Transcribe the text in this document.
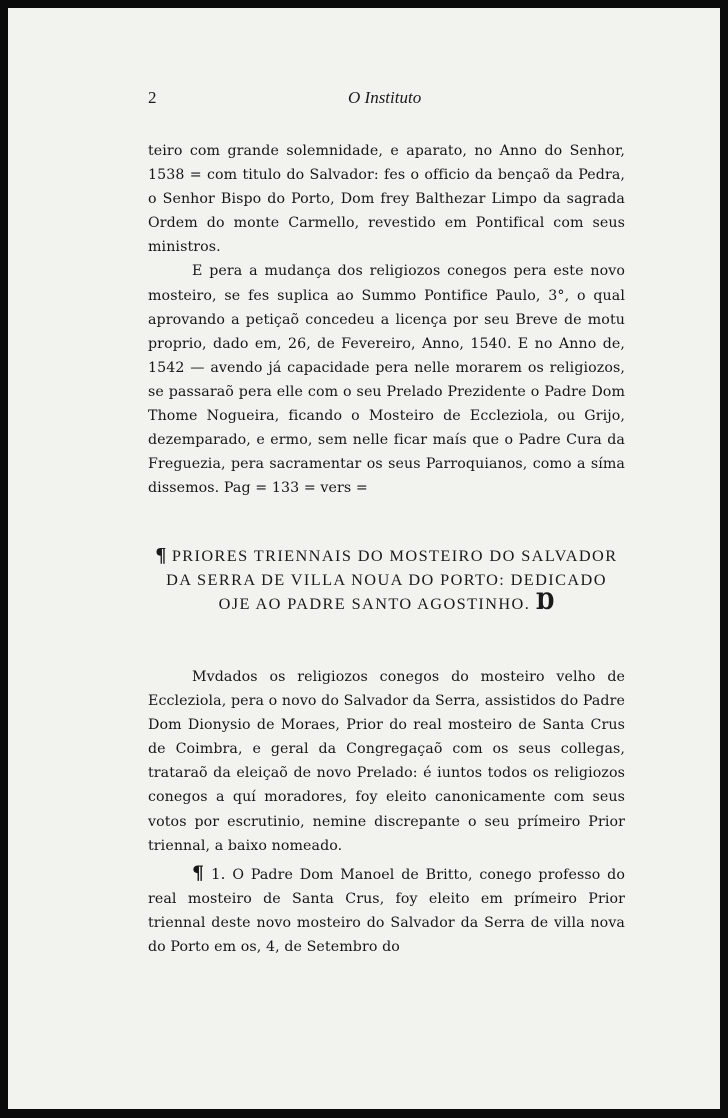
2	O Instituto

teiro com grande solemnidade, e aparato, no Anno do Senhor, 1538 = com titulo do Salvador: fes o officio da bençaõ da Pedra, o Senhor Bispo do Porto, Dom frey Balthezar Limpo da sagrada Ordem do monte Carmello, revestido em Pontifical com seus ministros.

E pera a mudança dos religiozos conegos pera este novo mosteiro, se fes suplica ao Summo Pontifice Paulo, 3°, o qual aprovando a petiçaõ concedeu a licença por seu Breve de motu proprio, dado em, 26, de Fevereiro, Anno, 1540. E no Anno de, 1542 — avendo já capacidade pera nelle morarem os religiozos, se passaraõ pera elle com o seu Prelado Prezidente o Padre Dom Thome Nogueira, ficando o Mosteiro de Eccleziola, ou Grijo, dezemparado, e ermo, sem nelle ficar maís que o Padre Cura da Freguezia, pera sacramentar os seus Parroquianos, como a síma dissemos. Pag = 133 = vers =

¶ PRIORES TRIENNAIS DO MOSTEIRO DO SALVADOR DA SERRA DE VILLA NOUA DO PORTO: DEDICADO OJE AO PADRE SANTO AGOSTINHO. Ɒ

Mvdados os religiozos conegos do mosteiro velho de Eccleziola, pera o novo do Salvador da Serra, assistidos do Padre Dom Dionysio de Moraes, Prior do real mosteiro de Santa Crus de Coimbra, e geral da Congregaçaõ com os seus collegas, trataraõ da eleiçaõ de novo Prelado: é iuntos todos os religiozos conegos a quí moradores, foy eleito canonicamente com seus votos por escrutinio, nemine discrepante o seu prímeiro Prior triennal, a baixo nomeado.

¶ 1. O Padre Dom Manoel de Britto, conego professo do real mosteiro de Santa Crus, foy eleito em prímeiro Prior triennal deste novo mosteiro do Salvador da Serra de villa nova do Porto em os, 4, de Setembro do
